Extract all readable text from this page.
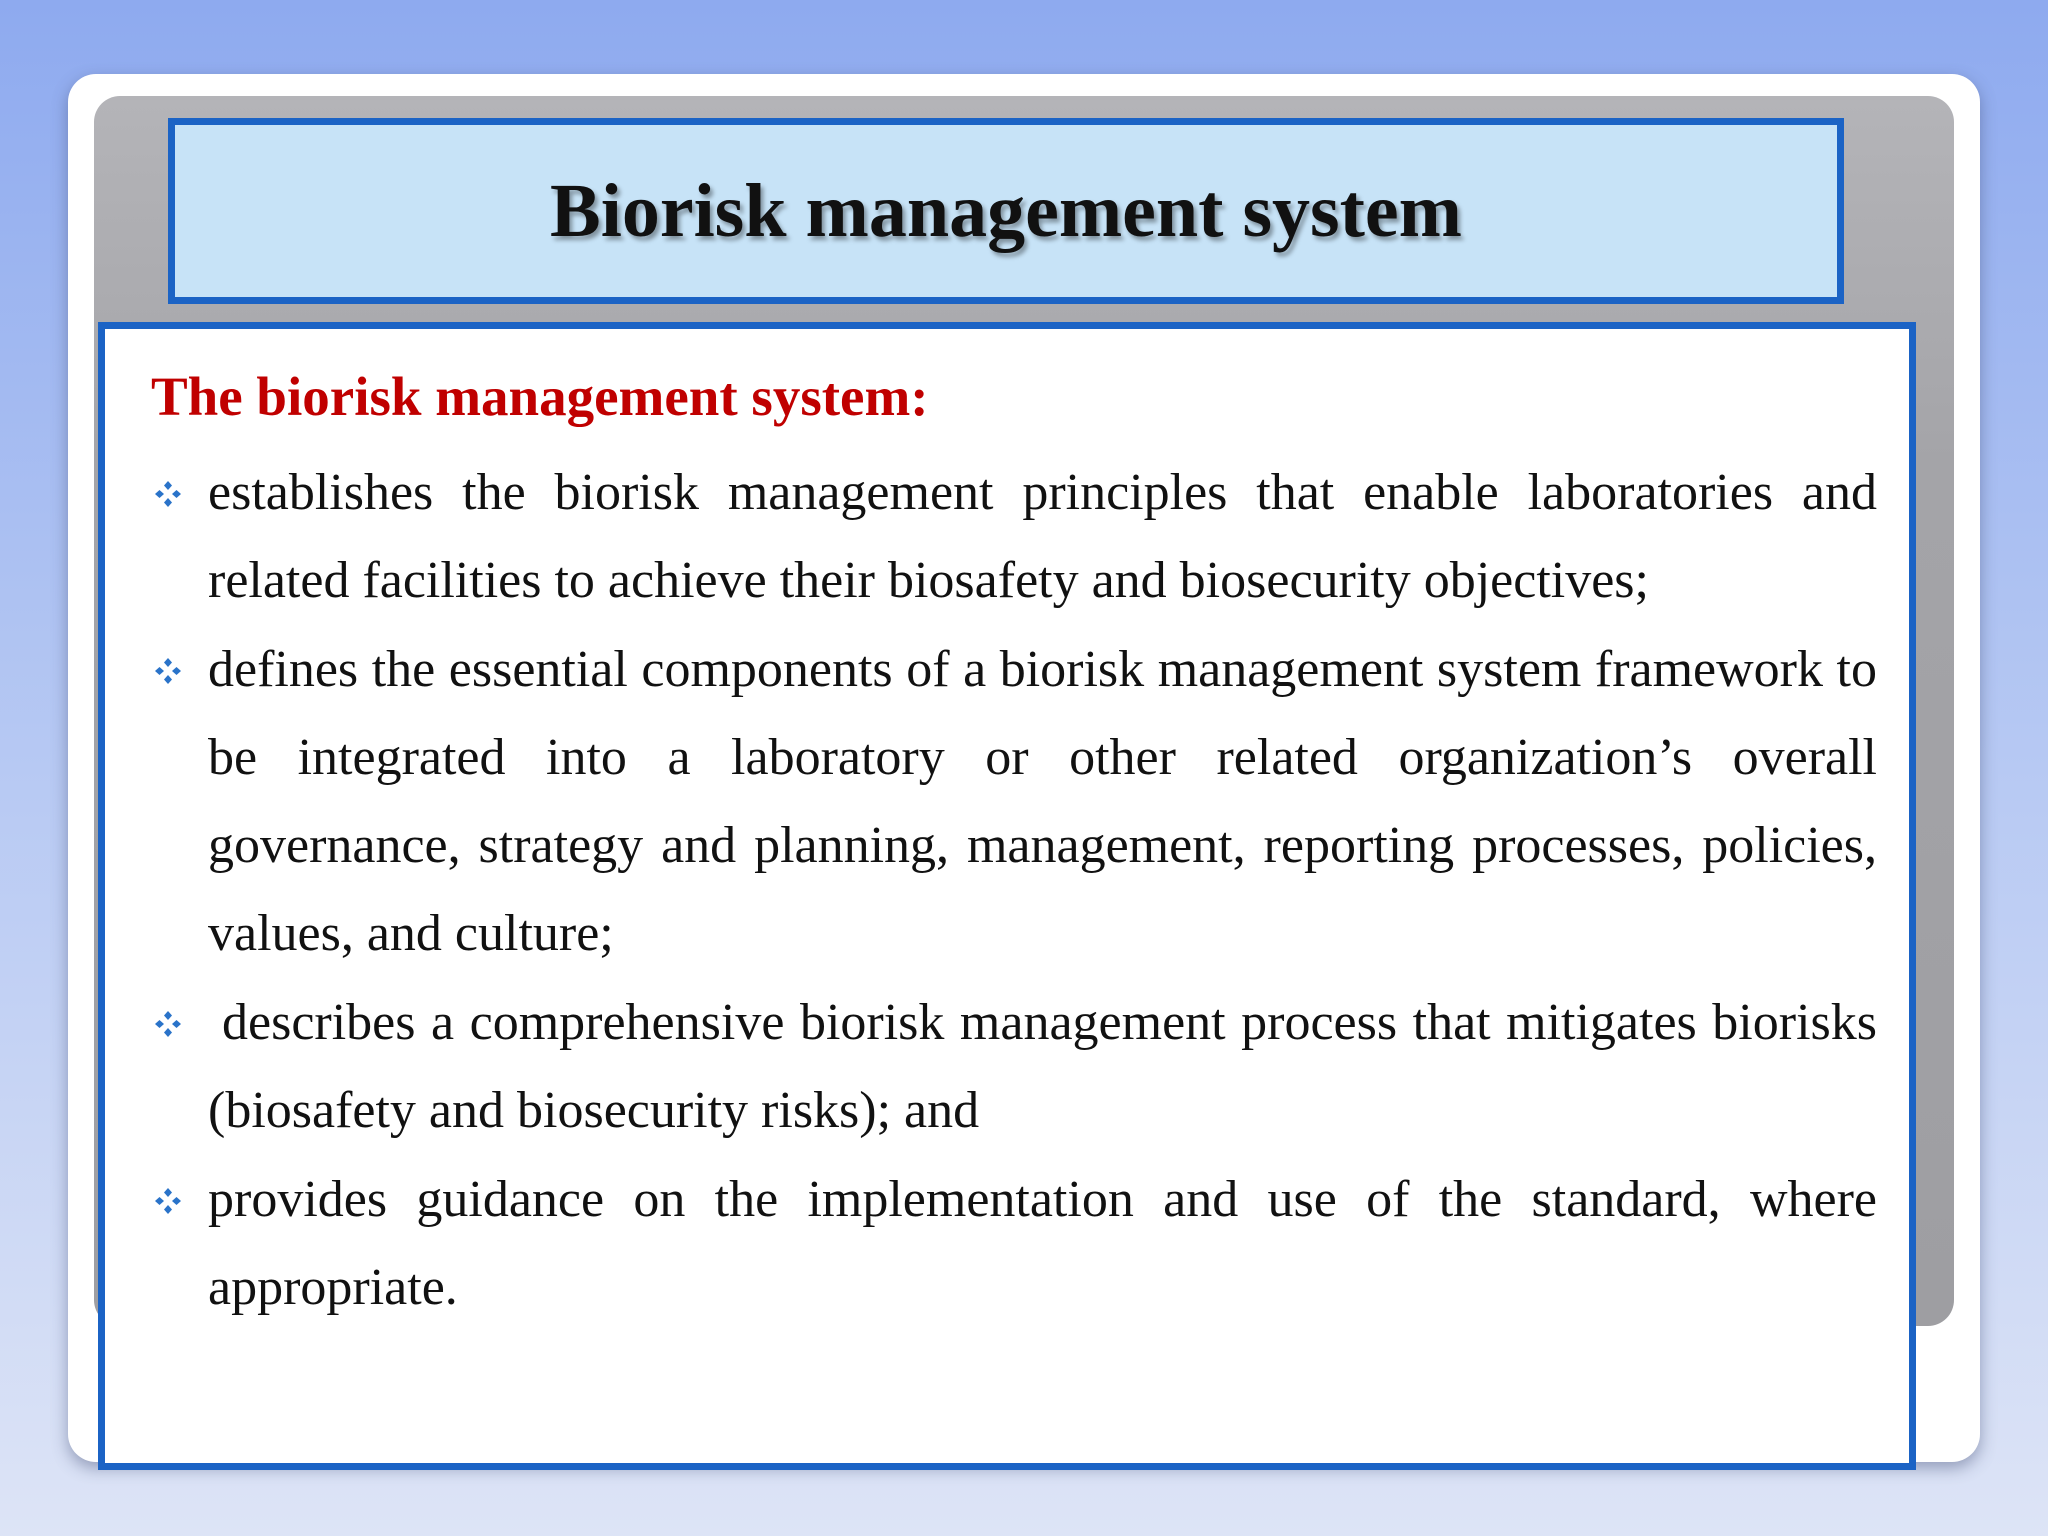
Biorisk management system
The biorisk management system:
establishes the biorisk management principles that enable laboratories and related facilities to achieve their biosafety and biosecurity objectives;
defines the essential components of a biorisk management system framework to be integrated into a laboratory or other related organization’s overall governance, strategy and planning, management, reporting processes, policies, values, and culture;
describes a comprehensive biorisk management process that mitigates biorisks (biosafety and biosecurity risks); and
provides guidance on the implementation and use of the standard, where appropriate.
